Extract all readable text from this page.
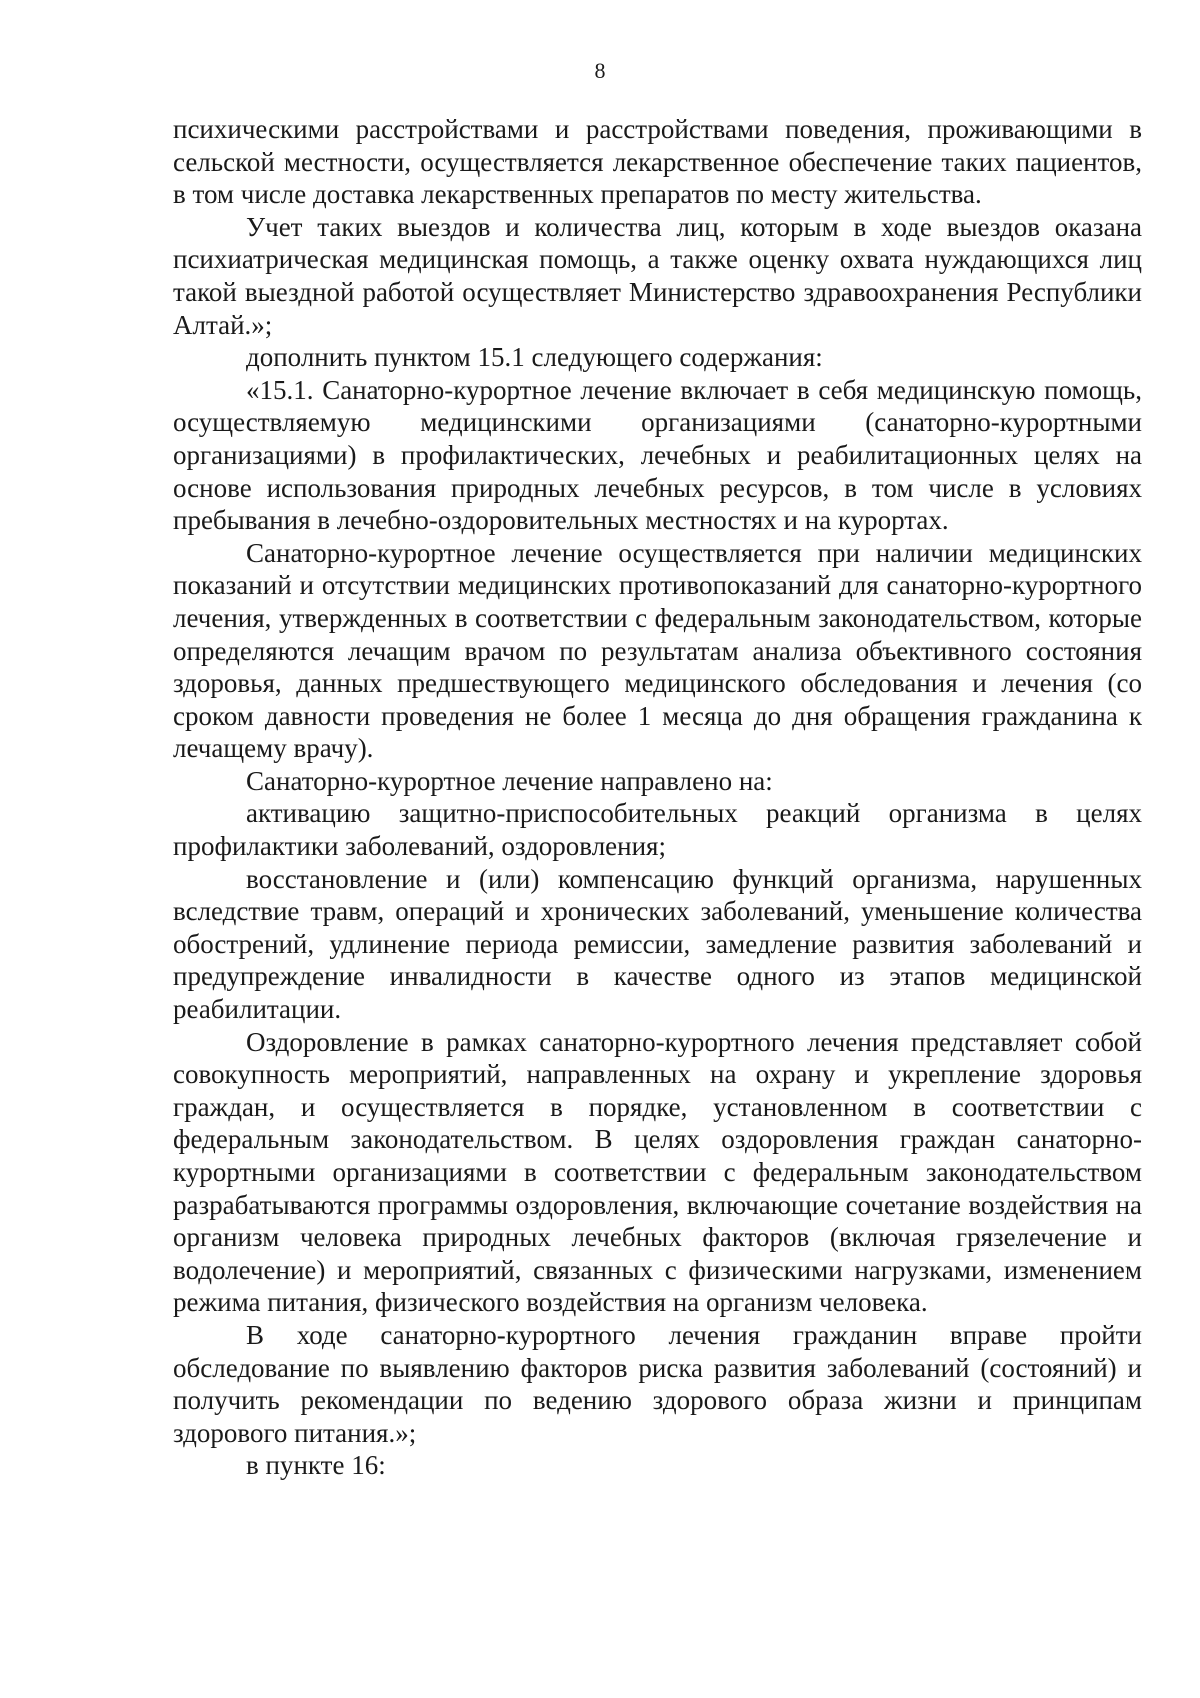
8

психическими расстройствами и расстройствами поведения, проживающими в сельской местности, осуществляется лекарственное обеспечение таких пациентов, в том числе доставка лекарственных препаратов по месту жительства.

Учет таких выездов и количества лиц, которым в ходе выездов оказана психиатрическая медицинская помощь, а также оценку охвата нуждающихся лиц такой выездной работой осуществляет Министерство здравоохранения Республики Алтай.»;

дополнить пунктом 15.1 следующего содержания:

«15.1. Санаторно-курортное лечение включает в себя медицинскую помощь, осуществляемую медицинскими организациями (санаторно-курортными организациями) в профилактических, лечебных и реабилитационных целях на основе использования природных лечебных ресурсов, в том числе в условиях пребывания в лечебно-оздоровительных местностях и на курортах.

Санаторно-курортное лечение осуществляется при наличии медицинских показаний и отсутствии медицинских противопоказаний для санаторно-курортного лечения, утвержденных в соответствии с федеральным законодательством, которые определяются лечащим врачом по результатам анализа объективного состояния здоровья, данных предшествующего медицинского обследования и лечения (со сроком давности проведения не более 1 месяца до дня обращения гражданина к лечащему врачу).

Санаторно-курортное лечение направлено на:

активацию защитно-приспособительных реакций организма в целях профилактики заболеваний, оздоровления;

восстановление и (или) компенсацию функций организма, нарушенных вследствие травм, операций и хронических заболеваний, уменьшение количества обострений, удлинение периода ремиссии, замедление развития заболеваний и предупреждение инвалидности в качестве одного из этапов медицинской реабилитации.

Оздоровление в рамках санаторно-курортного лечения представляет собой совокупность мероприятий, направленных на охрану и укрепление здоровья граждан, и осуществляется в порядке, установленном в соответствии с федеральным законодательством. В целях оздоровления граждан санаторно-курортными организациями в соответствии с федеральным законодательством разрабатываются программы оздоровления, включающие сочетание воздействия на организм человека природных лечебных факторов (включая грязелечение и водолечение) и мероприятий, связанных с физическими нагрузками, изменением режима питания, физического воздействия на организм человека.

В ходе санаторно-курортного лечения гражданин вправе пройти обследование по выявлению факторов риска развития заболеваний (состояний) и получить рекомендации по ведению здорового образа жизни и принципам здорового питания.»;

в пункте 16:
